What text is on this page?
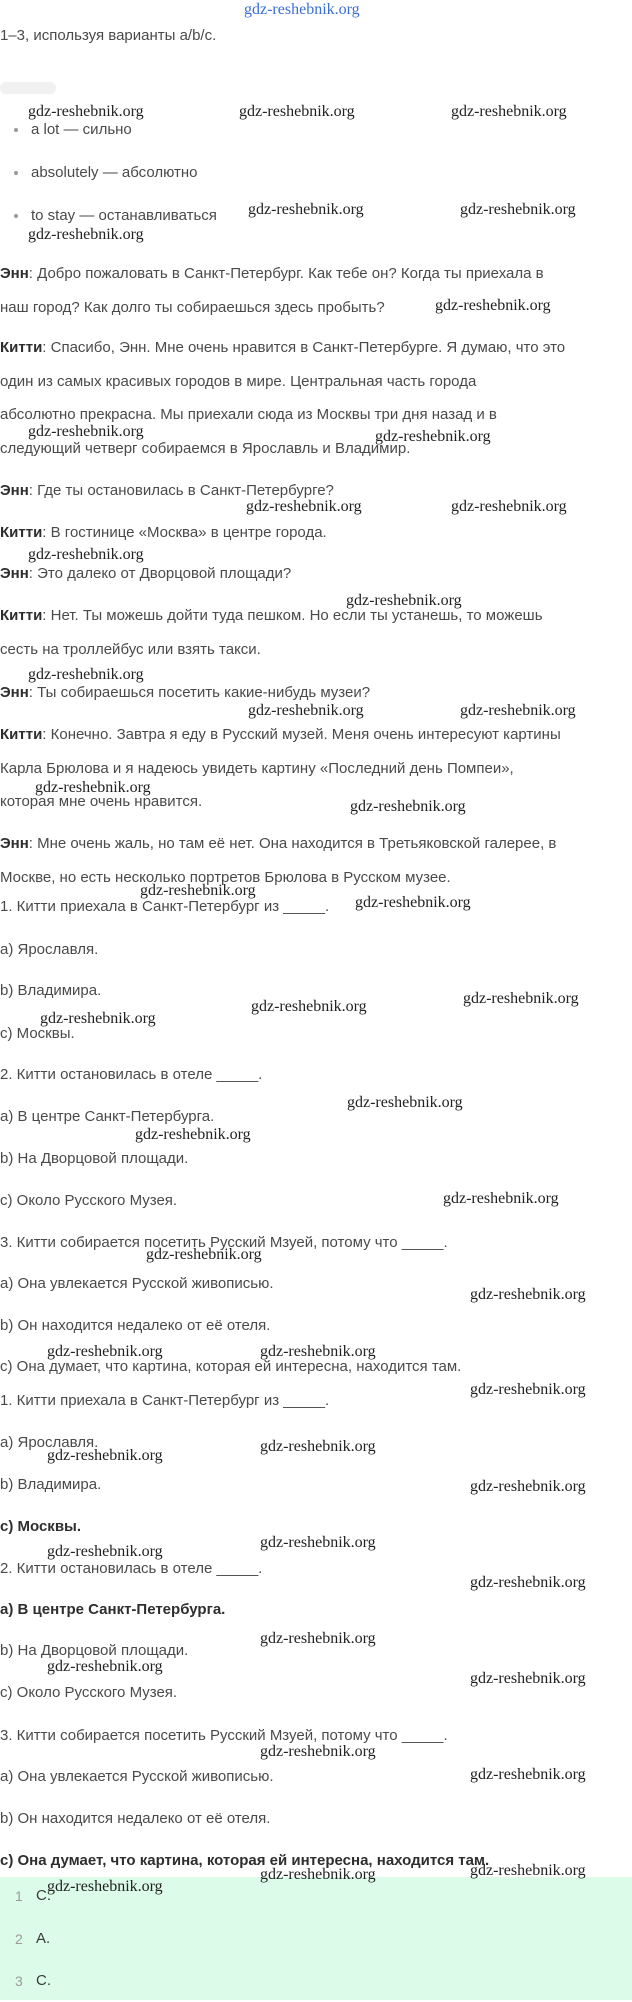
gdz-reshebnik.org
1–3, используя варианты a/b/c.
a lot — сильно
absolutely — абсолютно
to stay — останавливаться
Энн: Добро пожаловать в Санкт-Петербург. Как тебе он? Когда ты приехала в
наш город? Как долго ты собираешься здесь пробыть?
Китти: Спасибо, Энн. Мне очень нравится в Санкт-Петербурге. Я думаю, что это
один из самых красивых городов в мире. Центральная часть города
абсолютно прекрасна. Мы приехали сюда из Москвы три дня назад и в
следующий четверг собираемся в Ярославль и Владимир.
Энн: Где ты остановилась в Санкт-Петербурге?
Китти: В гостинице «Москва» в центре города.
Энн: Это далеко от Дворцовой площади?
Китти: Нет. Ты можешь дойти туда пешком. Но если ты устанешь, то можешь
сесть на троллейбус или взять такси.
Энн: Ты собираешься посетить какие-нибудь музеи?
Китти: Конечно. Завтра я еду в Русский музей. Меня очень интересуют картины
Карла Брюлова и я надеюсь увидеть картину «Последний день Помпеи»,
которая мне очень нравится.
Энн: Мне очень жаль, но там её нет. Она находится в Третьяковской галерее, в
Москве, но есть несколько портретов Брюлова в Русском музее.
1. Китти приехала в Санкт-Петербург из _____.
a) Ярославля.
b) Владимира.
c) Москвы.
2. Китти остановилась в отеле _____.
a) В центре Санкт-Петербурга.
b) На Дворцовой площади.
c) Около Русского Музея.
3. Китти собирается посетить Русский Мзуей, потому что _____.
a) Она увлекается Русской живописью.
b) Он находится недалеко от её отеля.
c) Она думает, что картина, которая ей интересна, находится там.
1. Китти приехала в Санкт-Петербург из _____.
a) Ярославля.
b) Владимира.
c) Москвы.
2. Китти остановилась в отеле _____.
a) В центре Санкт-Петербурга.
b) На Дворцовой площади.
c) Около Русского Музея.
3. Китти собирается посетить Русский Мзуей, потому что _____.
a) Она увлекается Русской живописью.
b) Он находится недалеко от её отеля.
c) Она думает, что картина, которая ей интересна, находится там.
1 C.
2 A.
3 C.
gdz-reshebnik.org	gdz-reshebnik.org	gdz-reshebnik.org
gdz-reshebnik.org	gdz-reshebnik.org
gdz-reshebnik.org
gdz-reshebnik.org
gdz-reshebnik.org	gdz-reshebnik.org
gdz-reshebnik.org	gdz-reshebnik.org
gdz-reshebnik.org
gdz-reshebnik.org
gdz-reshebnik.org
gdz-reshebnik.org	gdz-reshebnik.org
gdz-reshebnik.org
gdz-reshebnik.org
gdz-reshebnik.org
gdz-reshebnik.org
gdz-reshebnik.org
gdz-reshebnik.org
gdz-reshebnik.org
gdz-reshebnik.org
gdz-reshebnik.org
gdz-reshebnik.org
gdz-reshebnik.org
gdz-reshebnik.org
gdz-reshebnik.org	gdz-reshebnik.org
gdz-reshebnik.org
gdz-reshebnik.org
gdz-reshebnik.org
gdz-reshebnik.org
gdz-reshebnik.org
gdz-reshebnik.org
gdz-reshebnik.org
gdz-reshebnik.org
gdz-reshebnik.org
gdz-reshebnik.org
gdz-reshebnik.org
gdz-reshebnik.org
gdz-reshebnik.org	gdz-reshebnik.org
gdz-reshebnik.org
